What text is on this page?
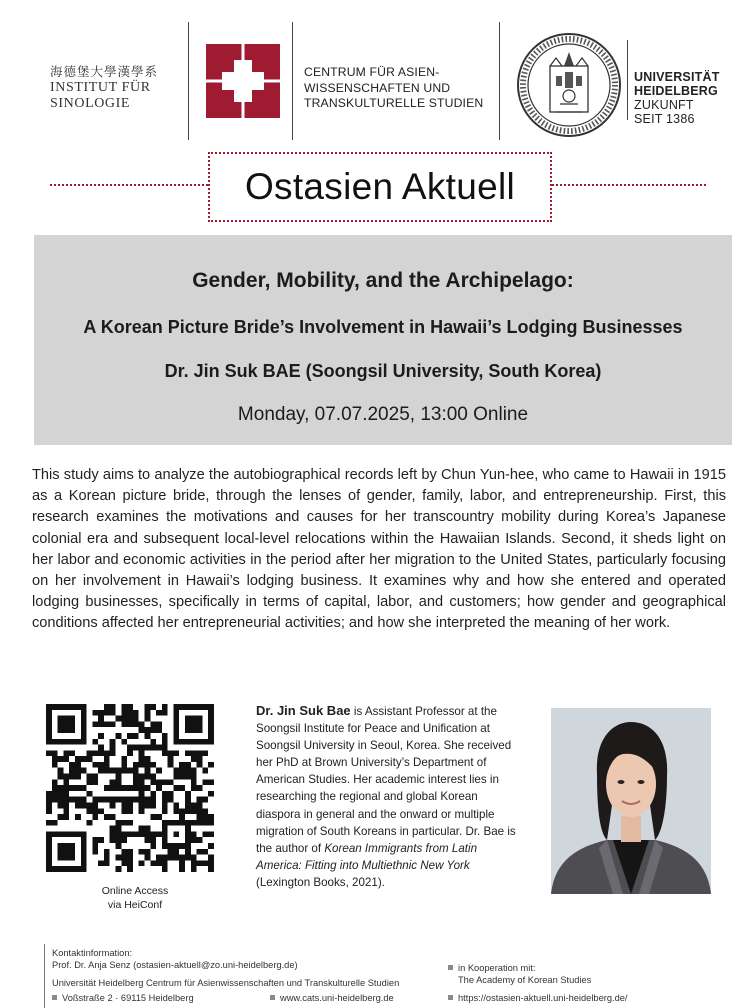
海德堡大學漢學系
INSTITUT FÜR
SINOLOGIE
CENTRUM FÜR ASIEN-
WISSENSCHAFTEN UND
TRANSKULTURELLE STUDIEN
UNIVERSITÄT
HEIDELBERG
ZUKUNFT
SEIT 1386
Ostasien Aktuell
Gender, Mobility, and the Archipelago:
A Korean Picture Bride’s Involvement in Hawaii’s Lodging Businesses
Dr. Jin Suk BAE (Soongsil University, South Korea)
Monday, 07.07.2025, 13:00 Online
This study aims to analyze the autobiographical records left by Chun Yun-hee, who came to Hawaii in 1915 as a Korean picture bride, through the lenses of gender, family, labor, and entrepreneurship. First, this research examines the motivations and causes for her transcountry mobility during Korea’s Japanese colonial era and subsequent local-level relocations within the Hawaiian Islands. Second, it sheds light on her labor and economic activities in the period after her migration to the United States, particularly focusing on her involvement in Hawaii’s lodging business. It examines why and how she entered and operated lodging businesses, specifically in terms of capital, labor, and customers; how gender and geographical conditions affected her entrepreneurial activities; and how she interpreted the meaning of her work.
Online Access
via HeiConf
Dr. Jin Suk Bae is Assistant Professor at the Soongsil Institute for Peace and Unification at Soongsil University in Seoul, Korea. She received her PhD at Brown University’s Department of American Studies. Her academic interest lies in researching the regional and global Korean diaspora in general and the onward or multiple migration of South Koreans in particular. Dr. Bae is the author of Korean Immigrants from Latin America: Fitting into Multiethnic New York (Lexington Books, 2021).
Kontaktinformation:
Prof. Dr. Anja Senz (ostasien-aktuell@zo.uni-heidelberg.de)
Universität Heidelberg Centrum für Asienwissenschaften und Transkulturelle Studien
Voßstraße 2 · 69115 Heidelberg	www.cats.uni-heidelberg.de
in Kooperation mit:
The Academy of Korean Studies
https://ostasien-aktuell.uni-heidelberg.de/
